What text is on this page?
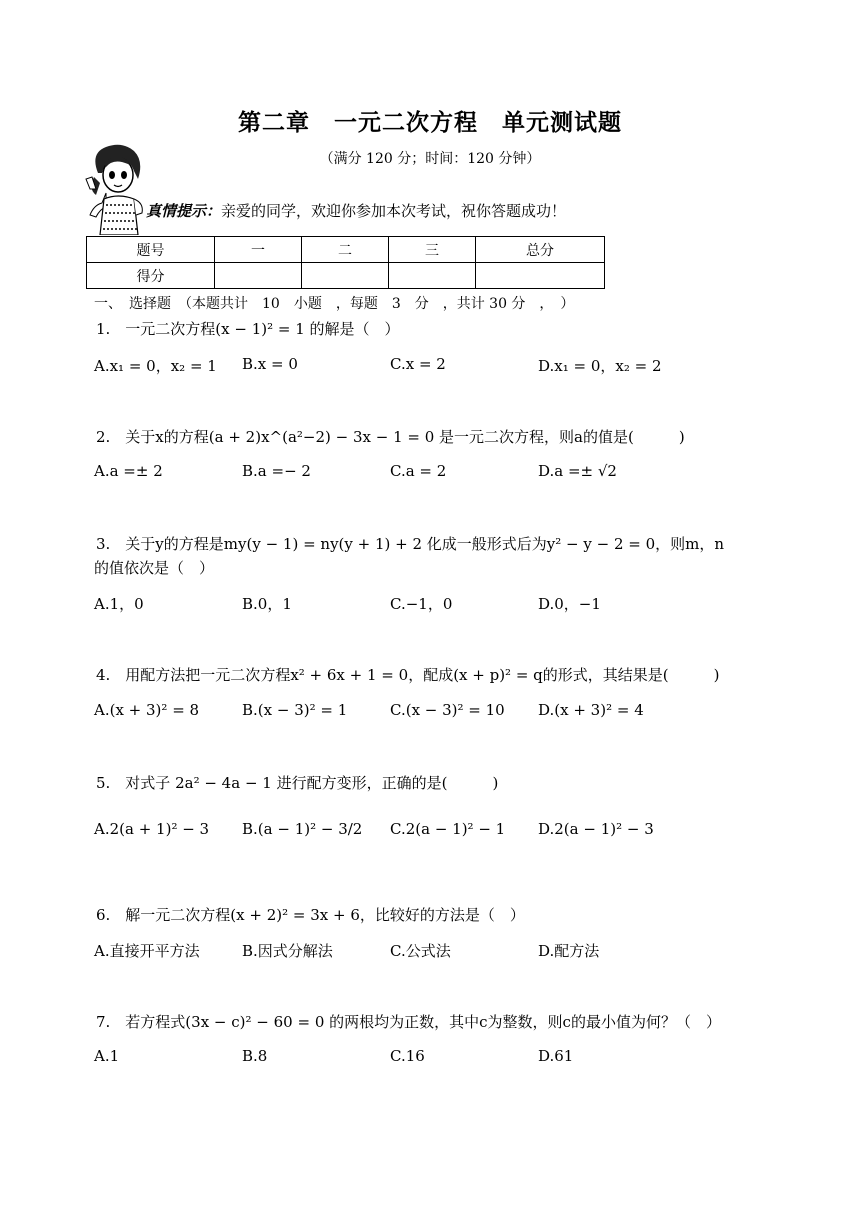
第二章　一元二次方程　单元测试题
（满分 120 分；时间：120 分钟）
真情提示：亲爱的同学，欢迎你参加本次考试，祝你答题成功！
题号	一	二	三	总分
得分				
一、　选择题　（本题共计　10　小题　，每题　3　分　，共计 30 分　，　）
1.　一元二次方程(x − 1)² = 1 的解是（　）
A.x₁ = 0，x₂ = 1 B.x = 0	C.x = 2	D.x₁ = 0，x₂ = 2
2.　关于x的方程(a + 2)x^(a²−2) − 3x − 1 = 0 是一元二次方程，则a的值是(　　　)
A.a =± 2	B.a =− 2	C.a = 2	D.a =± √2
3.　关于y的方程是my(y − 1) = ny(y + 1) + 2 化成一般形式后为y² − y − 2 = 0，则m，n
的值依次是（　）
A.1，0	B.0，1	C.−1，0	D.0，−1
4.　用配方法把一元二次方程x² + 6x + 1 = 0，配成(x + p)² = q的形式，其结果是(　　　)
A.(x + 3)² = 8	B.(x − 3)² = 1	C.(x − 3)² = 10 D.(x + 3)² = 4
5.　对式子 2a² − 4a − 1 进行配方变形，正确的是(　　　)
A.2(a + 1)² − 3 B.(a − 1)² − 3/2 C.2(a − 1)² − 1 D.2(a − 1)² − 3
6.　解一元二次方程(x + 2)² = 3x + 6，比较好的方法是（　）
A.直接开平方法	B.因式分解法	C.公式法	D.配方法
7.　若方程式(3x − c)² − 60 = 0 的两根均为正数，其中c为整数，则c的最小值为何？（　）
A.1	B.8	C.16	D.61
